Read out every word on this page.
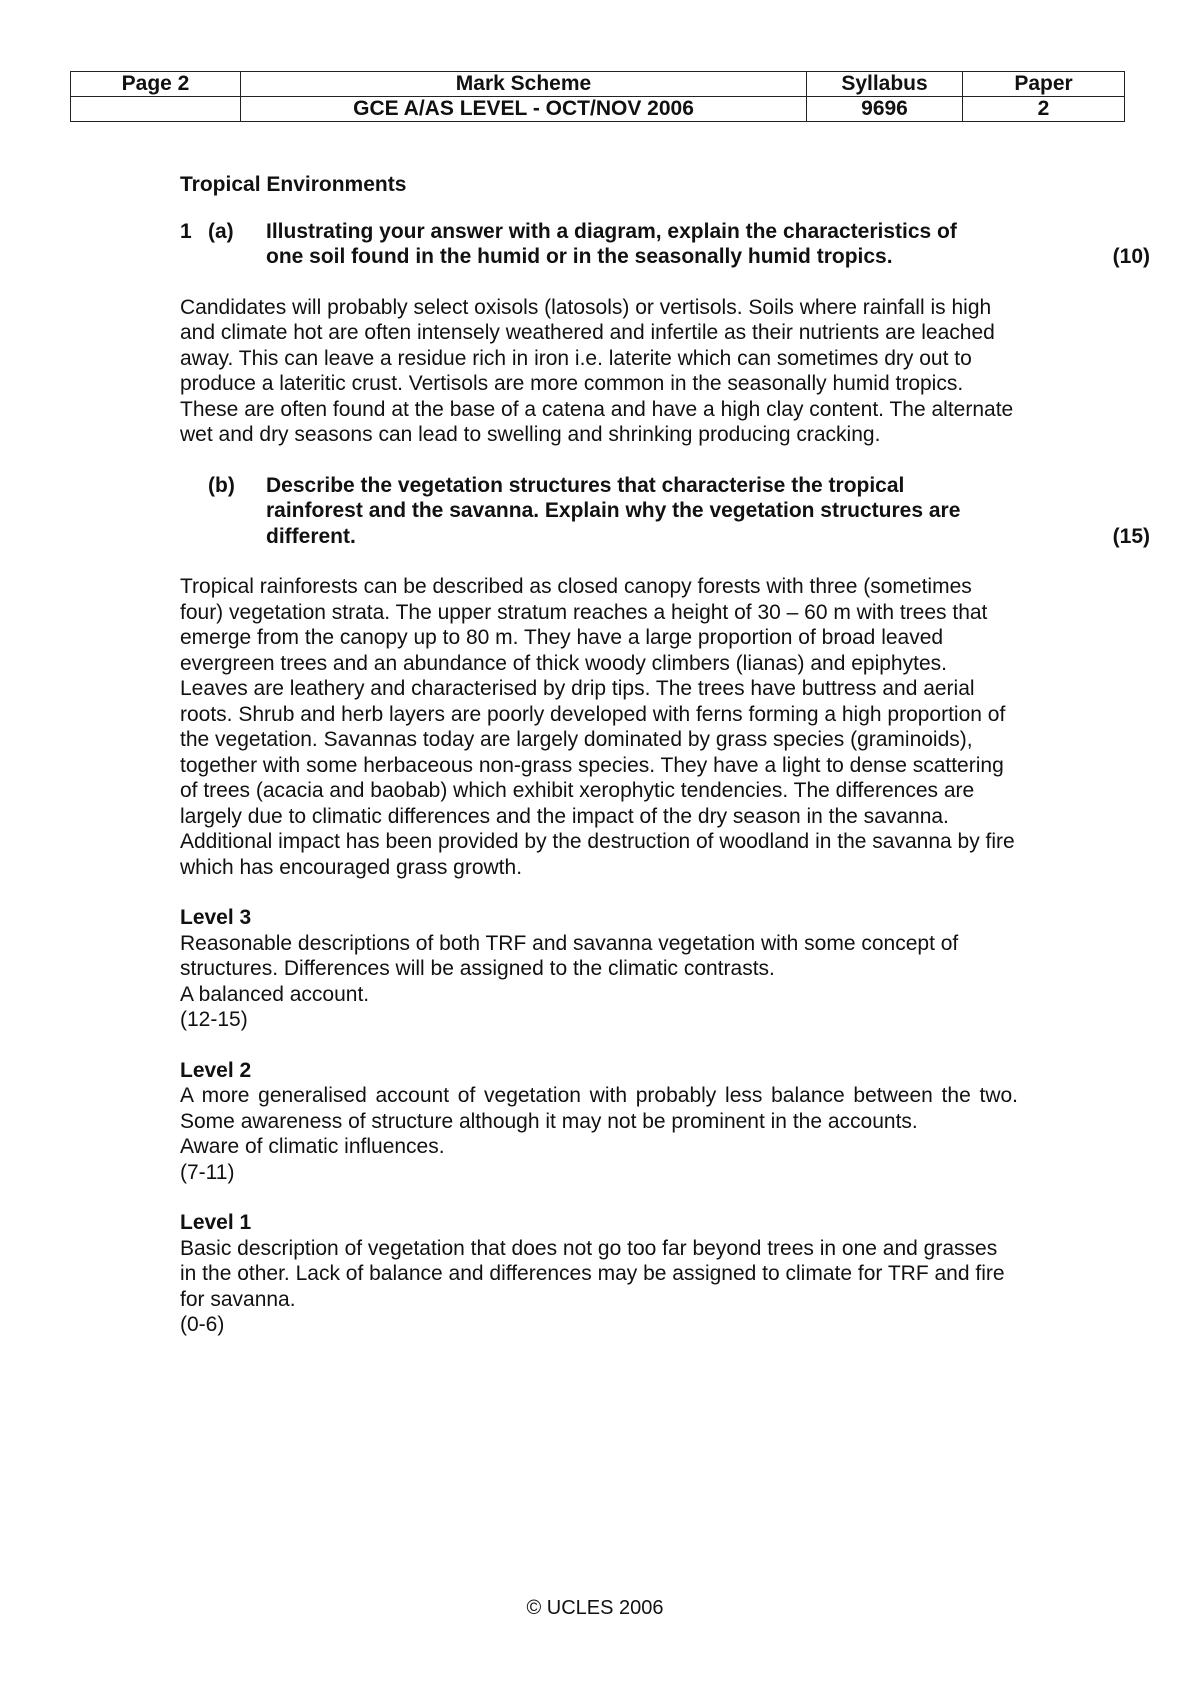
Page 2	Mark Scheme	Syllabus	Paper
	GCE A/AS LEVEL - OCT/NOV 2006	9696	2
Tropical Environments
1 (a)	Illustrating your answer with a diagram, explain the characteristics of
one soil found in the humid or in the seasonally humid tropics.	(10)

Candidates will probably select oxisols (latosols) or vertisols. Soils where rainfall is high and climate hot are often intensely weathered and infertile as their nutrients are leached away. This can leave a residue rich in iron i.e. laterite which can sometimes dry out to produce a lateritic crust. Vertisols are more common in the seasonally humid tropics. These are often found at the base of a catena and have a high clay content. The alternate wet and dry seasons can lead to swelling and shrinking producing cracking.

(b)	Describe the vegetation structures that characterise the tropical
rainforest and the savanna. Explain why the vegetation structures are
different.	(15)

Tropical rainforests can be described as closed canopy forests with three (sometimes four) vegetation strata. The upper stratum reaches a height of 30 – 60 m with trees that emerge from the canopy up to 80 m. They have a large proportion of broad leaved evergreen trees and an abundance of thick woody climbers (lianas) and epiphytes. Leaves are leathery and characterised by drip tips. The trees have buttress and aerial roots. Shrub and herb layers are poorly developed with ferns forming a high proportion of the vegetation. Savannas today are largely dominated by grass species (graminoids), together with some herbaceous non-grass species. They have a light to dense scattering of trees (acacia and baobab) which exhibit xerophytic tendencies. The differences are largely due to climatic differences and the impact of the dry season in the savanna. Additional impact has been provided by the destruction of woodland in the savanna by fire which has encouraged grass growth.

Level 3
Reasonable descriptions of both TRF and savanna vegetation with some concept of structures. Differences will be assigned to the climatic contrasts.
A balanced account.
(12-15)
Level 2
A more generalised account of vegetation with probably less balance between the two. Some awareness of structure although it may not be prominent in the accounts.
Aware of climatic influences.
(7-11)
Level 1
Basic description of vegetation that does not go too far beyond trees in one and grasses in the other. Lack of balance and differences may be assigned to climate for TRF and fire for savanna.
(0-6)
© UCLES 2006
